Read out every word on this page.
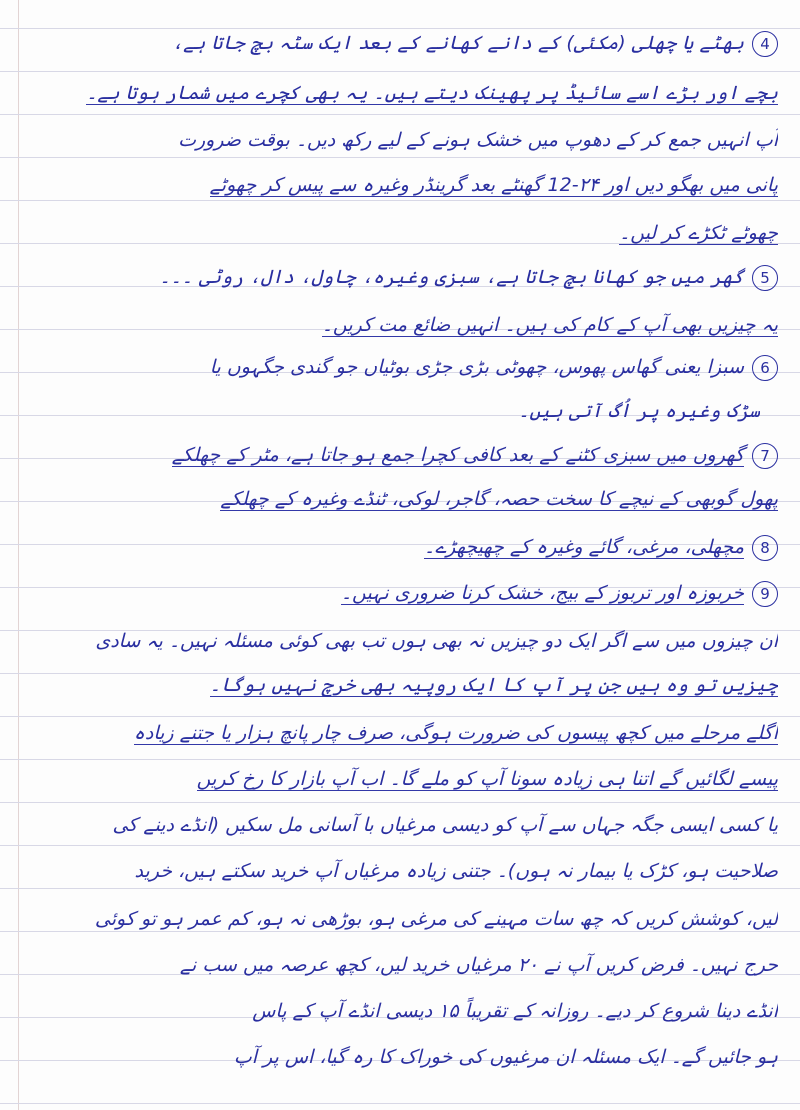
4بھٹے یا چھلی (مکئی) کے دانے کھانے کے بعد ایک سٹہ بچ جاتا ہے،
بچے اور بڑے اسے سائیڈ پر پھینک دیتے ہیں۔ یہ بھی کچرے میں شمار ہوتا ہے۔
آپ انہیں جمع کر کے دھوپ میں خشک ہونے کے لیے رکھ دیں۔ بوقت ضرورت
پانی میں بھگو دیں اور ۲۴-12 گھنٹے بعد گرینڈر وغیرہ سے پیس کر چھوٹے
چھوٹے ٹکڑے کر لیں۔
5گھر میں جو کھانا بچ جاتا ہے، سبزی وغیرہ، چاول، دال، روٹی ۔۔۔
یہ چیزیں بھی آپ کے کام کی ہیں۔ انہیں ضائع مت کریں۔
6سبزا یعنی گھاس پھوس، چھوٹی بڑی جڑی بوٹیاں جو گندی جگہوں یا
سڑک وغیرہ پر اُگ آتی ہیں۔
7گھروں میں سبزی کٹنے کے بعد کافی کچرا جمع ہو جاتا ہے، مٹر کے چھلکے
پھول گوبھی کے نیچے کا سخت حصہ، گاجر، لوکی، ٹنڈے وغیرہ کے چھلکے
8مچھلی، مرغی، گائے وغیرہ کے چھیچھڑے۔
9خربوزہ اور تربوز کے بیج، خشک کرنا ضروری نہیں۔
ان چیزوں میں سے اگر ایک دو چیزیں نہ بھی ہوں تب بھی کوئی مسئلہ نہیں۔ یہ سادی
چیزیں تو وہ ہیں جن پر آپ کا ایک روپیہ بھی خرچ نہیں ہوگا۔
اگلے مرحلے میں کچھ پیسوں کی ضرورت ہوگی، صرف چار پانچ ہزار یا جتنے زیادہ
پیسے لگائیں گے اتنا ہی زیادہ سونا آپ کو ملے گا۔ اب آپ بازار کا رخ کریں
یا کسی ایسی جگہ جہاں سے آپ کو دیسی مرغیاں با آسانی مل سکیں (انڈے دینے کی
صلاحیت ہو، کڑک یا بیمار نہ ہوں)۔ جتنی زیادہ مرغیاں آپ خرید سکتے ہیں، خرید
لیں، کوشش کریں کہ چھ سات مہینے کی مرغی ہو، بوڑھی نہ ہو، کم عمر ہو تو کوئی
حرج نہیں۔ فرض کریں آپ نے ۲۰ مرغیاں خرید لیں، کچھ عرصہ میں سب نے
انڈے دینا شروع کر دیے۔ روزانہ کے تقریباً ۱۵ دیسی انڈے آپ کے پاس
ہو جائیں گے۔ ایک مسئلہ ان مرغیوں کی خوراک کا رہ گیا، اس پر آپ
